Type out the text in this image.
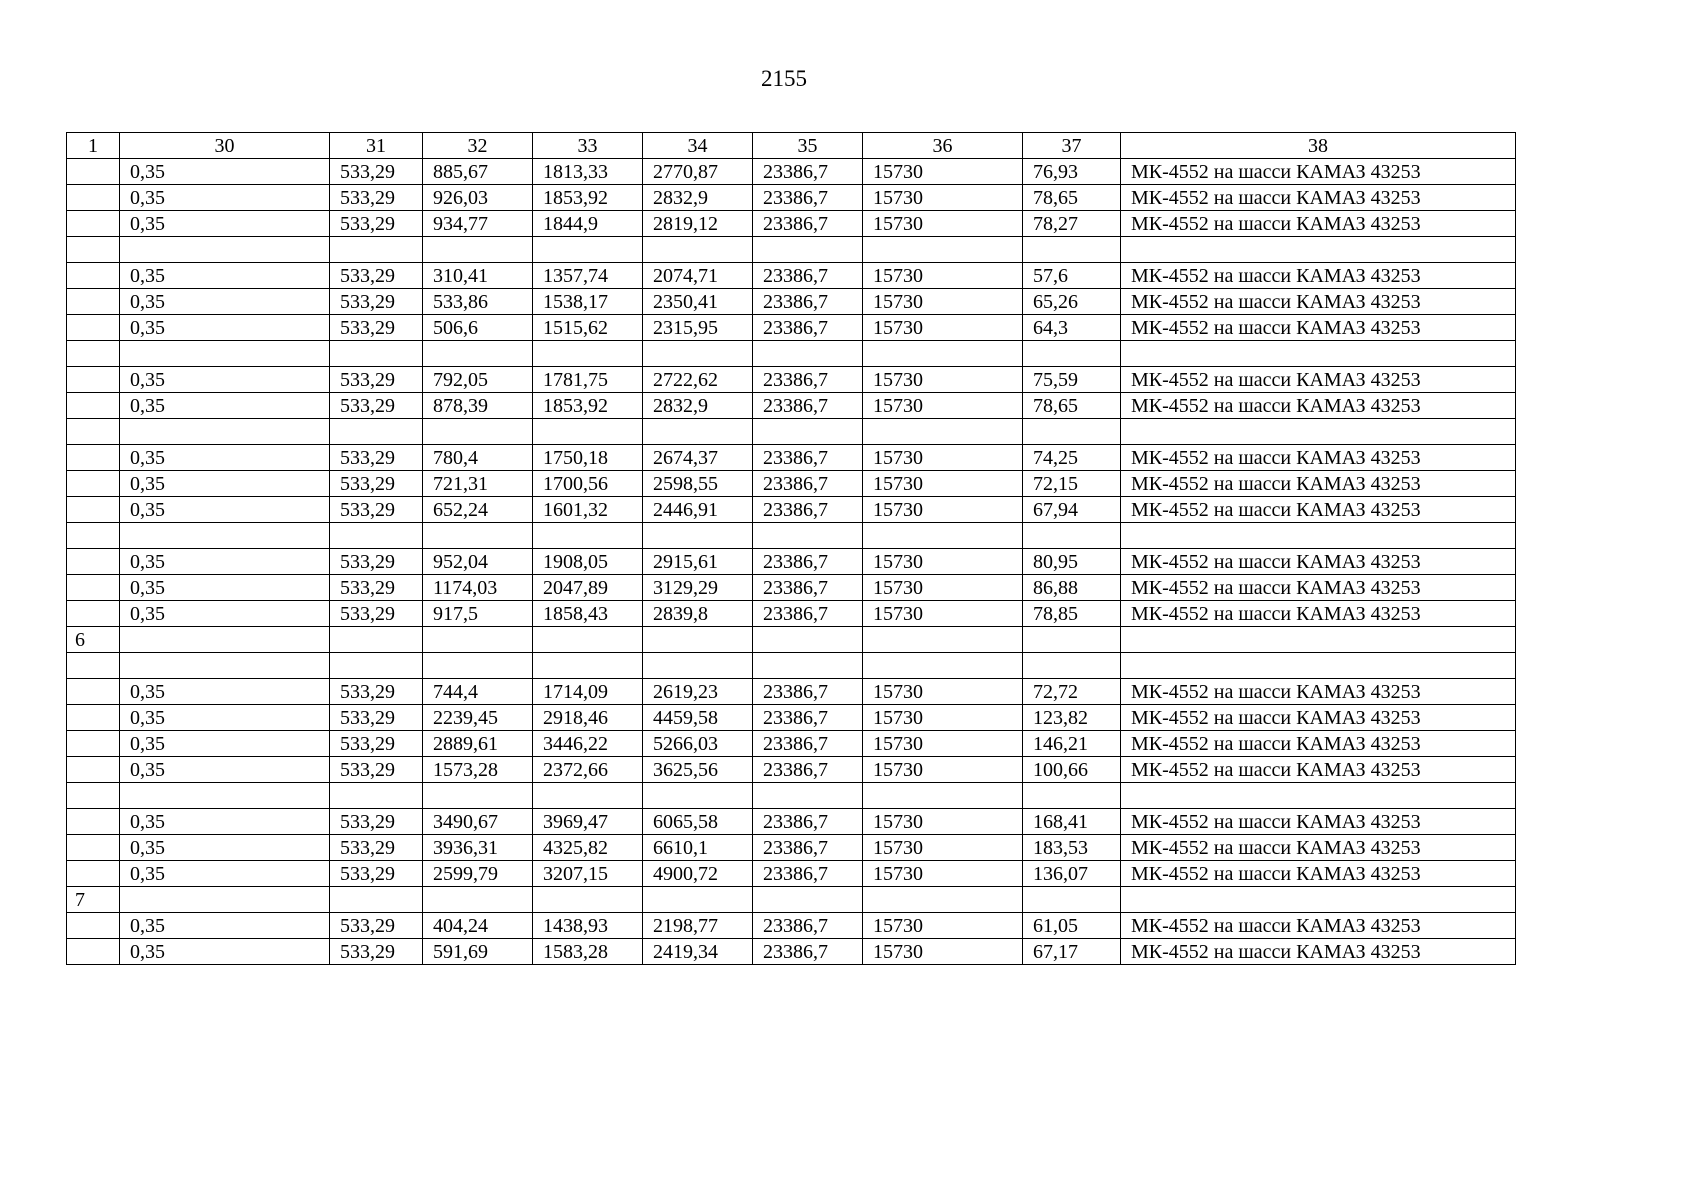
2155
1	30	31	32	33	34	35	36	37	38
	0,35	533,29	885,67	1813,33	2770,87	23386,7	15730	76,93	МК-4552 на шасси КАМАЗ 43253
	0,35	533,29	926,03	1853,92	2832,9	23386,7	15730	78,65	МК-4552 на шасси КАМАЗ 43253
	0,35	533,29	934,77	1844,9	2819,12	23386,7	15730	78,27	МК-4552 на шасси КАМАЗ 43253

	0,35	533,29	310,41	1357,74	2074,71	23386,7	15730	57,6	МК-4552 на шасси КАМАЗ 43253
	0,35	533,29	533,86	1538,17	2350,41	23386,7	15730	65,26	МК-4552 на шасси КАМАЗ 43253
	0,35	533,29	506,6	1515,62	2315,95	23386,7	15730	64,3	МК-4552 на шасси КАМАЗ 43253

	0,35	533,29	792,05	1781,75	2722,62	23386,7	15730	75,59	МК-4552 на шасси КАМАЗ 43253
	0,35	533,29	878,39	1853,92	2832,9	23386,7	15730	78,65	МК-4552 на шасси КАМАЗ 43253

	0,35	533,29	780,4	1750,18	2674,37	23386,7	15730	74,25	МК-4552 на шасси КАМАЗ 43253
	0,35	533,29	721,31	1700,56	2598,55	23386,7	15730	72,15	МК-4552 на шасси КАМАЗ 43253
	0,35	533,29	652,24	1601,32	2446,91	23386,7	15730	67,94	МК-4552 на шасси КАМАЗ 43253

	0,35	533,29	952,04	1908,05	2915,61	23386,7	15730	80,95	МК-4552 на шасси КАМАЗ 43253
	0,35	533,29	1174,03	2047,89	3129,29	23386,7	15730	86,88	МК-4552 на шасси КАМАЗ 43253
	0,35	533,29	917,5	1858,43	2839,8	23386,7	15730	78,85	МК-4552 на шасси КАМАЗ 43253
6									

	0,35	533,29	744,4	1714,09	2619,23	23386,7	15730	72,72	МК-4552 на шасси КАМАЗ 43253
	0,35	533,29	2239,45	2918,46	4459,58	23386,7	15730	123,82	МК-4552 на шасси КАМАЗ 43253
	0,35	533,29	2889,61	3446,22	5266,03	23386,7	15730	146,21	МК-4552 на шасси КАМАЗ 43253
	0,35	533,29	1573,28	2372,66	3625,56	23386,7	15730	100,66	МК-4552 на шасси КАМАЗ 43253

	0,35	533,29	3490,67	3969,47	6065,58	23386,7	15730	168,41	МК-4552 на шасси КАМАЗ 43253
	0,35	533,29	3936,31	4325,82	6610,1	23386,7	15730	183,53	МК-4552 на шасси КАМАЗ 43253
	0,35	533,29	2599,79	3207,15	4900,72	23386,7	15730	136,07	МК-4552 на шасси КАМАЗ 43253
7									
	0,35	533,29	404,24	1438,93	2198,77	23386,7	15730	61,05	МК-4552 на шасси КАМАЗ 43253
	0,35	533,29	591,69	1583,28	2419,34	23386,7	15730	67,17	МК-4552 на шасси КАМАЗ 43253
